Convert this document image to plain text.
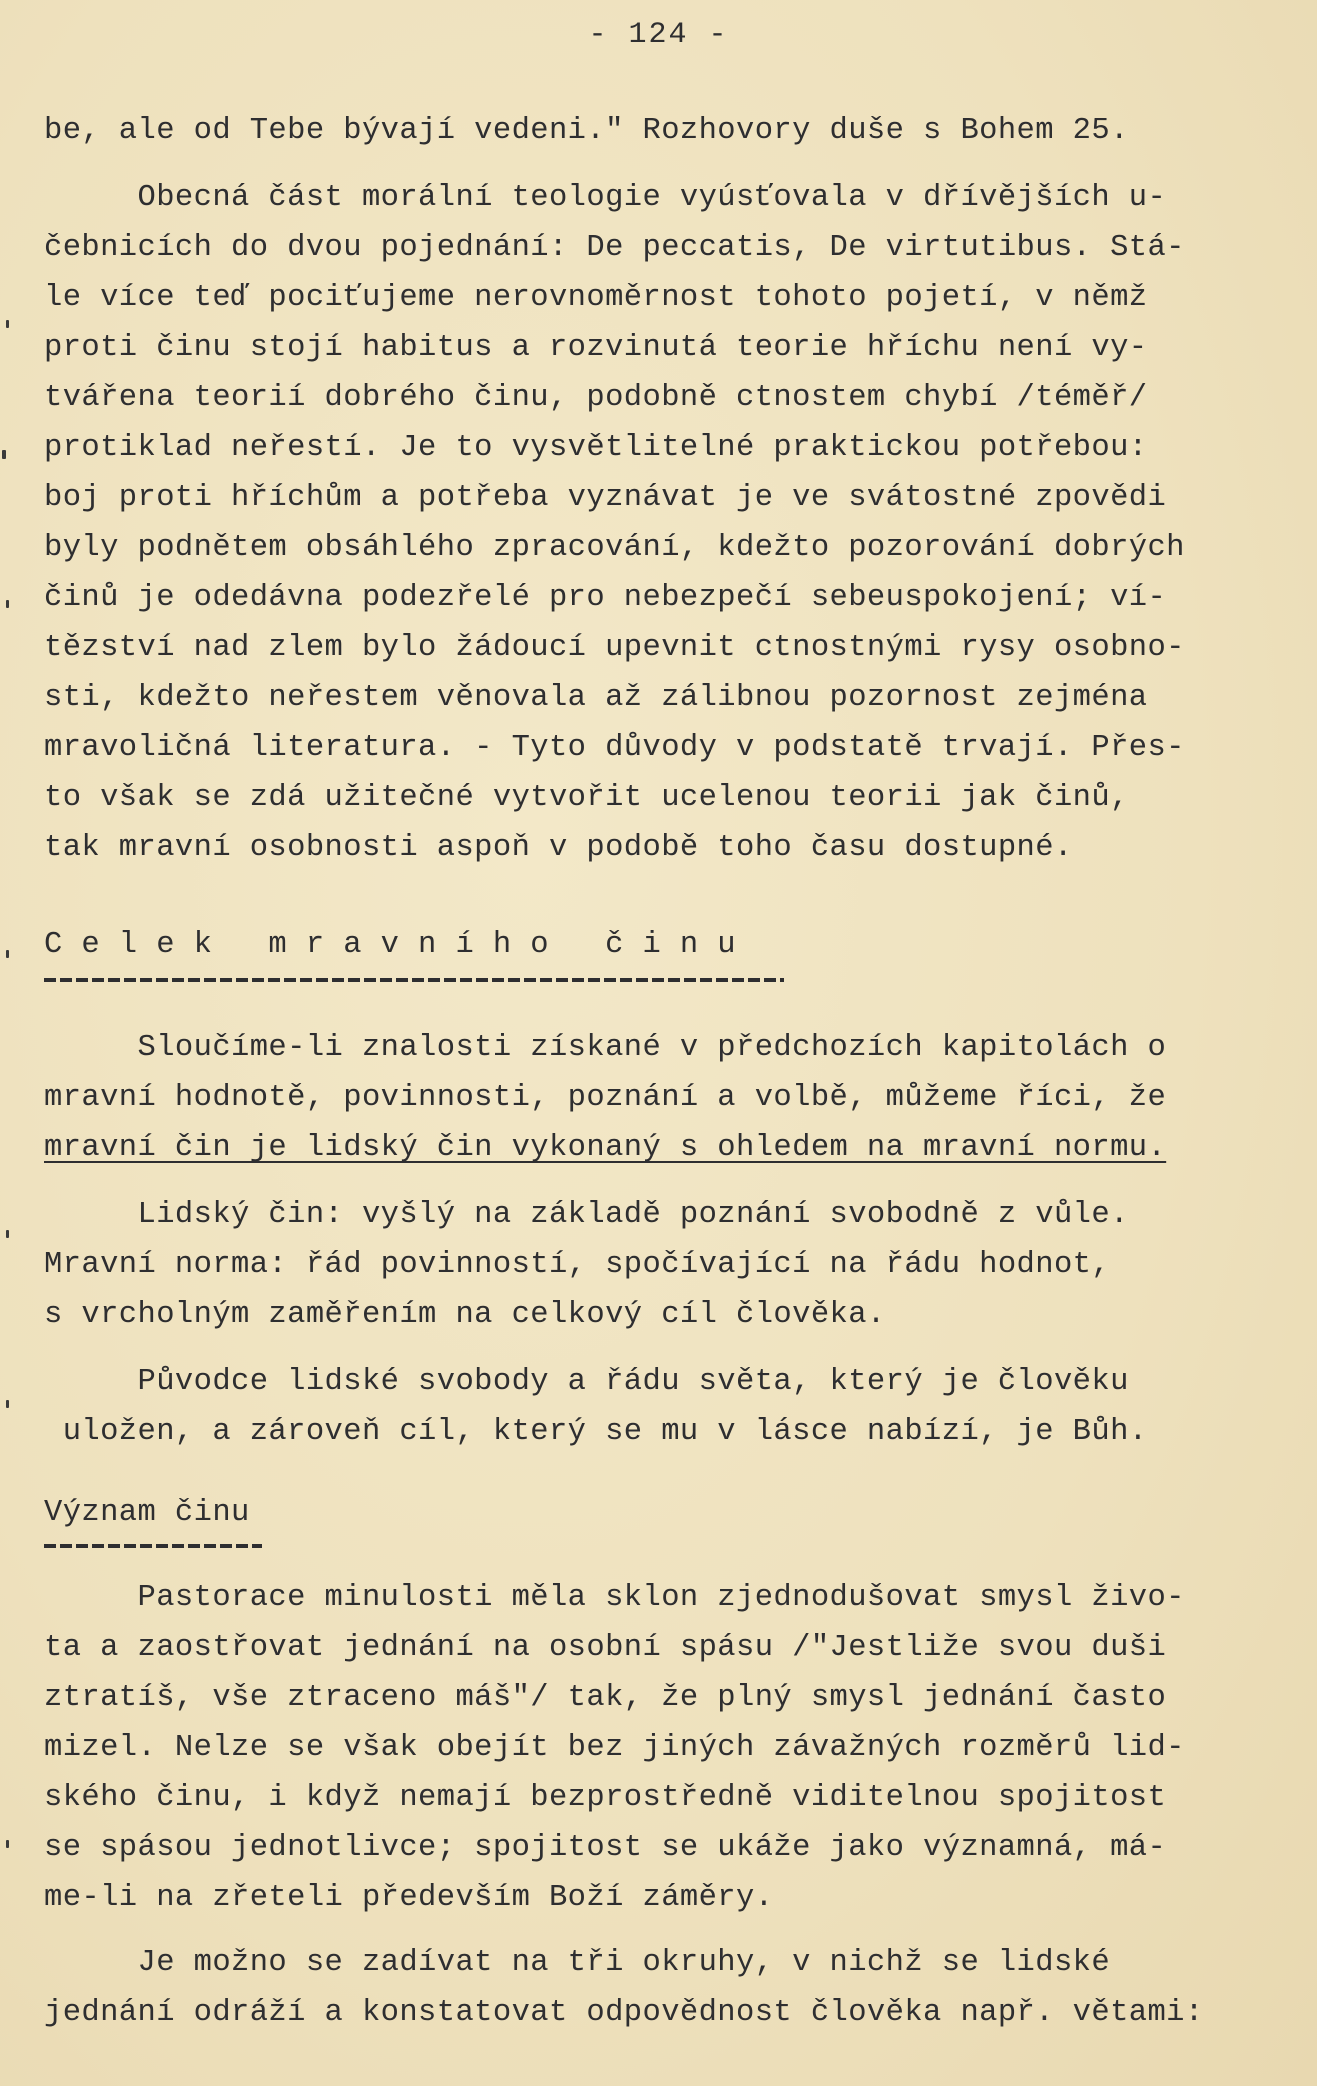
- 124 -
be, ale od Tebe bývají vedeni." Rozhovory duše s Bohem 25.
Obecná část morální teologie vyúsťovala v dřívějších u-
čebnicích do dvou pojednání: De peccatis, De virtutibus. Stá-
le více teď pociťujeme nerovnoměrnost tohoto pojetí, v němž
proti činu stojí habitus a rozvinutá teorie hříchu není vy-
tvářena teorií dobrého činu, podobně ctnostem chybí /téměř/
protiklad neřestí. Je to vysvětlitelné praktickou potřebou:
boj proti hříchům a potřeba vyznávat je ve svátostné zpovědi
byly podnětem obsáhlého zpracování, kdežto pozorování dobrých
činů je odedávna podezřelé pro nebezpečí sebeuspokojení; ví-
tězství nad zlem bylo žádoucí upevnit ctnostnými rysy osobno-
sti, kdežto neřestem věnovala až zálibnou pozornost zejména
mravoličná literatura. - Tyto důvody v podstatě trvají. Přes-
to však se zdá užitečné vytvořit ucelenou teorii jak činů,
tak mravní osobnosti aspoň v podobě toho času dostupné.
C e l e k   m r a v n í h o   č i n u
Sloučíme-li znalosti získané v předchozích kapitolách o
mravní hodnotě, povinnosti, poznání a volbě, můžeme říci, že
mravní čin je lidský čin vykonaný s ohledem na mravní normu.
Lidský čin: vyšlý na základě poznání svobodně z vůle.
Mravní norma: řád povinností, spočívající na řádu hodnot,
s vrcholným zaměřením na celkový cíl člověka.
Původce lidské svobody a řádu světa, který je člověku
uložen, a zároveň cíl, který se mu v lásce nabízí, je Bůh.
Význam činu
Pastorace minulosti měla sklon zjednodušovat smysl živo-
ta a zaostřovat jednání na osobní spásu /"Jestliže svou duši
ztratíš, vše ztraceno máš"/ tak, že plný smysl jednání často
mizel. Nelze se však obejít bez jiných závažných rozměrů lid-
ského činu, i když nemají bezprostředně viditelnou spojitost
se spásou jednotlivce; spojitost se ukáže jako významná, má-
me-li na zřeteli především Boží záměry.
Je možno se zadívat na tři okruhy, v nichž se lidské
jednání odráží a konstatovat odpovědnost člověka např. větami:
